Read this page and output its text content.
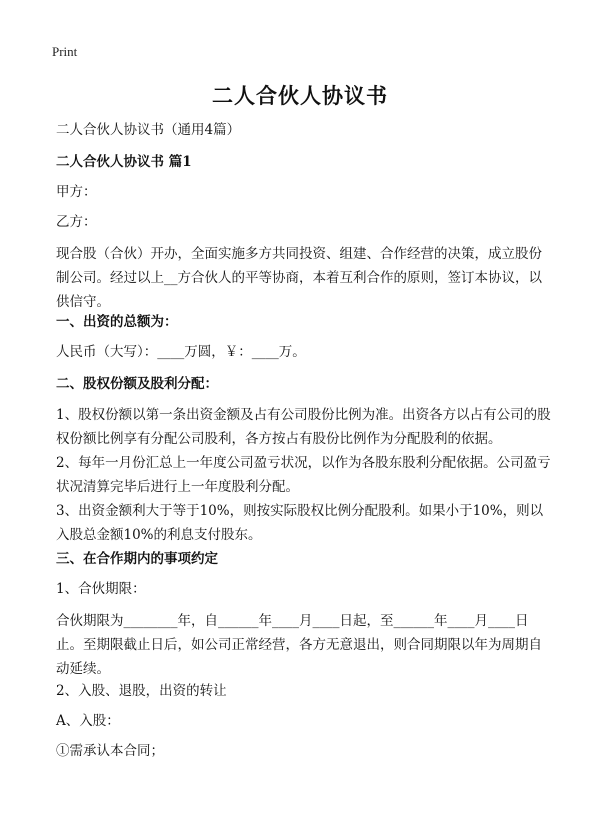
Print
二人合伙人协议书
二人合伙人协议书（通用4篇）
二人合伙人协议书 篇1
甲方：
乙方：
现合股（合伙）开办，全面实施多方共同投资、组建、合作经营的决策，成立股份制公司。经过以上__方合伙人的平等协商，本着互利合作的原则，签订本协议，以供信守。
一、出资的总额为：
人民币（大写）：____万圆，￥：____万。
二、股权份额及股利分配：
1、股权份额以第一条出资金额及占有公司股份比例为准。出资各方以占有公司的股权份额比例享有分配公司股利，各方按占有股份比例作为分配股利的依据。
2、每年一月份汇总上一年度公司盈亏状况，以作为各股东股利分配依据。公司盈亏状况清算完毕后进行上一年度股利分配。
3、出资金额利大于等于10%，则按实际股权比例分配股利。如果小于10%，则以入股总金额10%的利息支付股东。
三、在合作期内的事项约定
1、合伙期限：
合伙期限为________年，自______年____月____日起，至______年____月____日止。至期限截止日后，如公司正常经营，各方无意退出，则合同期限以年为周期自动延续。
2、入股、退股，出资的转让
A、入股：
①需承认本合同；
